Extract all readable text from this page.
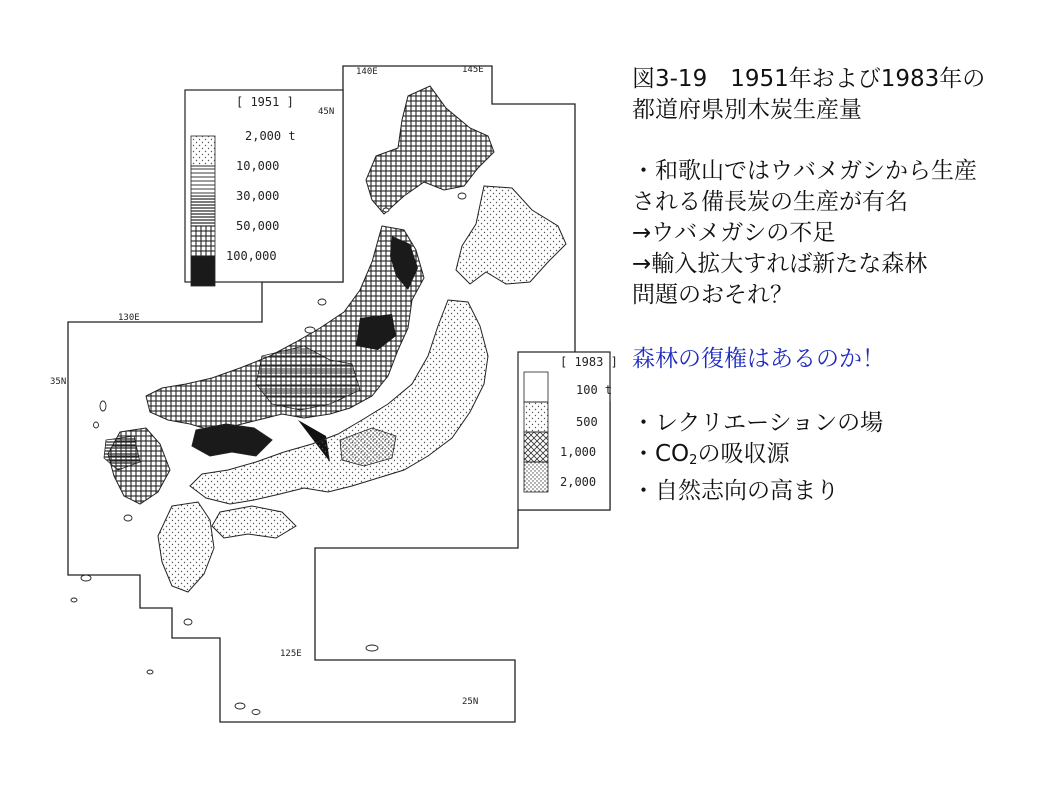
[ 1951 ]
2,000 t
10,000
30,000
50,000
100,000
[ 1983 ]
100 t
500
1,000
2,000
140E	145E
130E
125E
45N
35N
25N
図3-19　1951年および1983年の
都道府県別木炭生産量
・和歌山ではウバメガシから生産
される備長炭の生産が有名
→ウバメガシの不足
→輸入拡大すれば新たな森林
問題のおそれ？
森林の復権はあるのか！
・レクリエーションの場
・$CO_2$の吸収源
・自然志向の高まり
